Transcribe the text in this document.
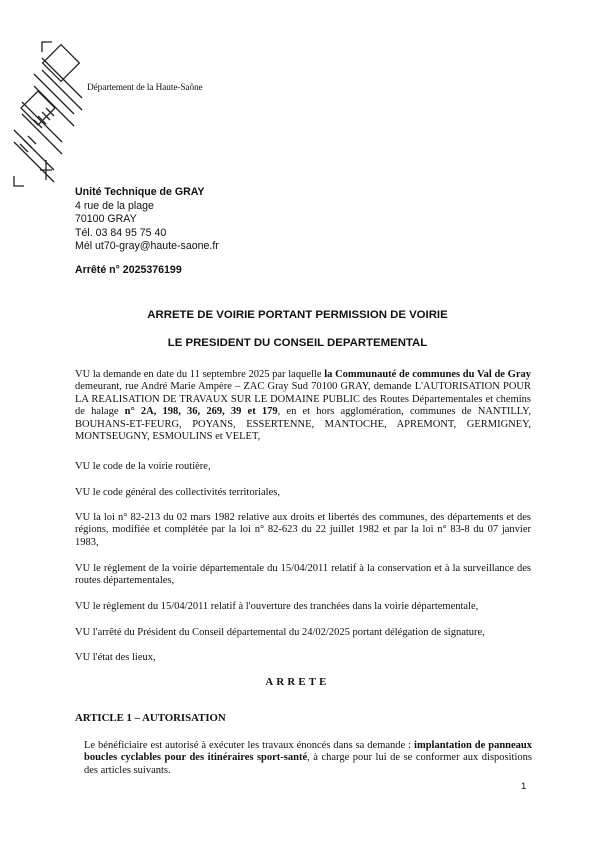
Département de la Haute-Saône
Unité Technique de GRAY
4 rue de la plage
70100 GRAY
Tél. 03 84 95 75 40
Mél ut70-gray@haute-saone.fr
Arrêté n° 2025376199
ARRETE DE VOIRIE PORTANT PERMISSION DE VOIRIE
LE PRESIDENT DU CONSEIL DEPARTEMENTAL
VU la demande en date du 11 septembre 2025 par laquelle la Communauté de communes du Val de Gray demeurant, rue André Marie Ampère – ZAC Gray Sud 70100 GRAY, demande L'AUTORISATION POUR LA REALISATION DE TRAVAUX SUR LE DOMAINE PUBLIC des Routes Départementales et chemins de halage n° 2A, 198, 36, 269, 39 et 179, en et hors agglomération, communes de NANTILLY, BOUHANS-ET-FEURG, POYANS, ESSERTENNE, MANTOCHE, APREMONT, GERMIGNEY, MONTSEUGNY, ESMOULINS et VELET,
VU le code de la voirie routière,
VU le code général des collectivités territoriales,
VU la loi n° 82-213 du 02 mars 1982 relative aux droits et libertés des communes, des départements et des régions, modifiée et complétée par la loi n° 82-623 du 22 juillet 1982 et par la loi n° 83-8 du 07 janvier 1983,
VU le règlement de la voirie départementale du 15/04/2011 relatif à la conservation et à la surveillance des routes départementales,
VU le règlement du 15/04/2011 relatif à l'ouverture des tranchées dans la voirie départementale,
VU l'arrêté du Président du Conseil départemental du 24/02/2025 portant délégation de signature,
VU l'état des lieux,
ARRETE
ARTICLE 1 – AUTORISATION
Le bénéficiaire est autorisé à exécuter les travaux énoncés dans sa demande : implantation de panneaux boucles cyclables pour des itinéraires sport-santé, à charge pour lui de se conformer aux dispositions des articles suivants.
1
